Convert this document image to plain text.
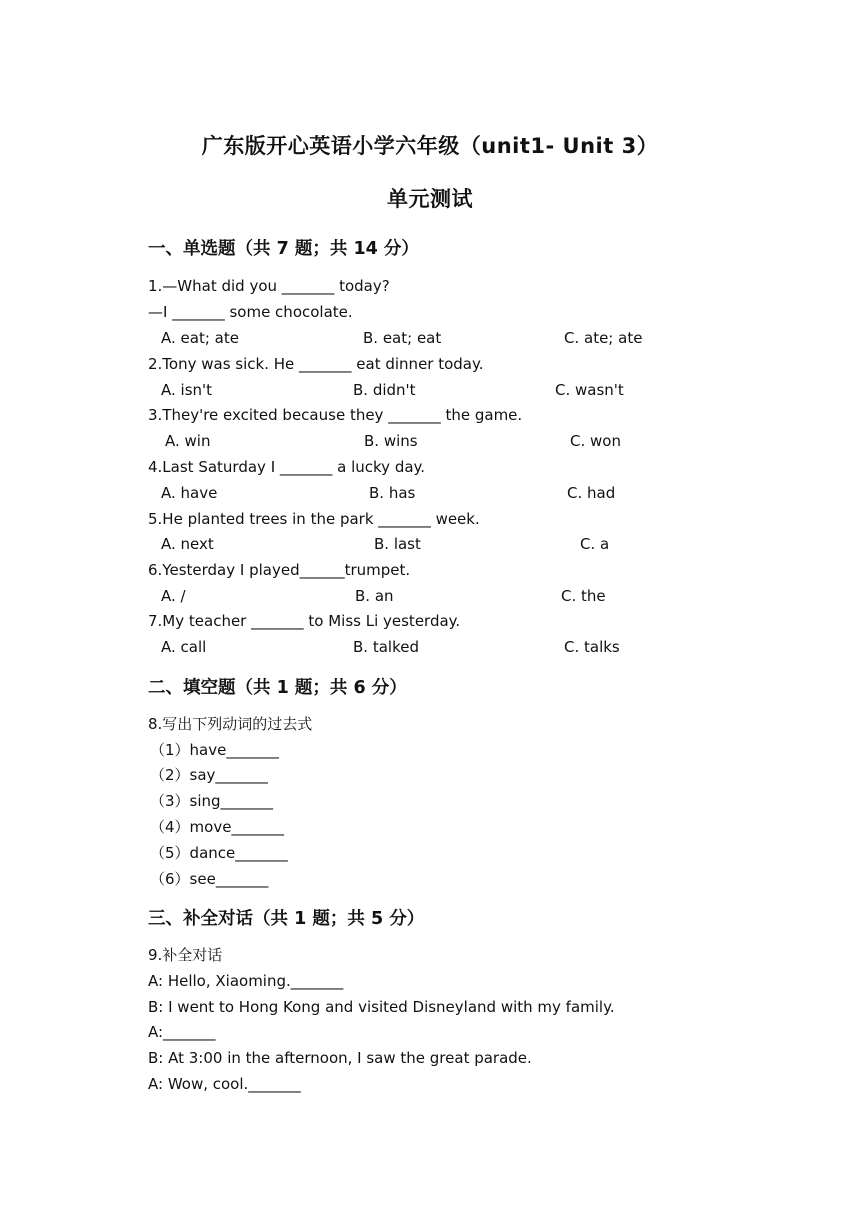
广东版开心英语小学六年级（unit1- Unit 3）
单元测试
一、单选题（共 7 题；共 14 分）
1.—What did you _______ today?
—I _______ some chocolate.
A. eat; ate	B. eat; eat	C. ate; ate
2.Tony was sick. He _______ eat dinner today.
A. isn't	B. didn't	C. wasn't
3.They're excited because they _______ the game.
A. win	B. wins	C. won
4.Last Saturday I _______ a lucky day.
A. have	B. has	C. had
5.He planted trees in the park _______ week.
A. next	B. last	C. a
6.Yesterday I played______trumpet.
A. /	B. an	C. the
7.My teacher _______ to Miss Li yesterday.
A. call	B. talked	C. talks
二、填空题（共 1 题；共 6 分）
8.写出下列动词的过去式
（1）have_______
（2）say_______
（3）sing_______
（4）move_______
（5）dance_______
（6）see_______
三、补全对话（共 1 题；共 5 分）
9.补全对话
A: Hello, Xiaoming._______
B: I went to Hong Kong and visited Disneyland with my family.
A:_______
B: At 3:00 in the afternoon, I saw the great parade.
A: Wow, cool._______
